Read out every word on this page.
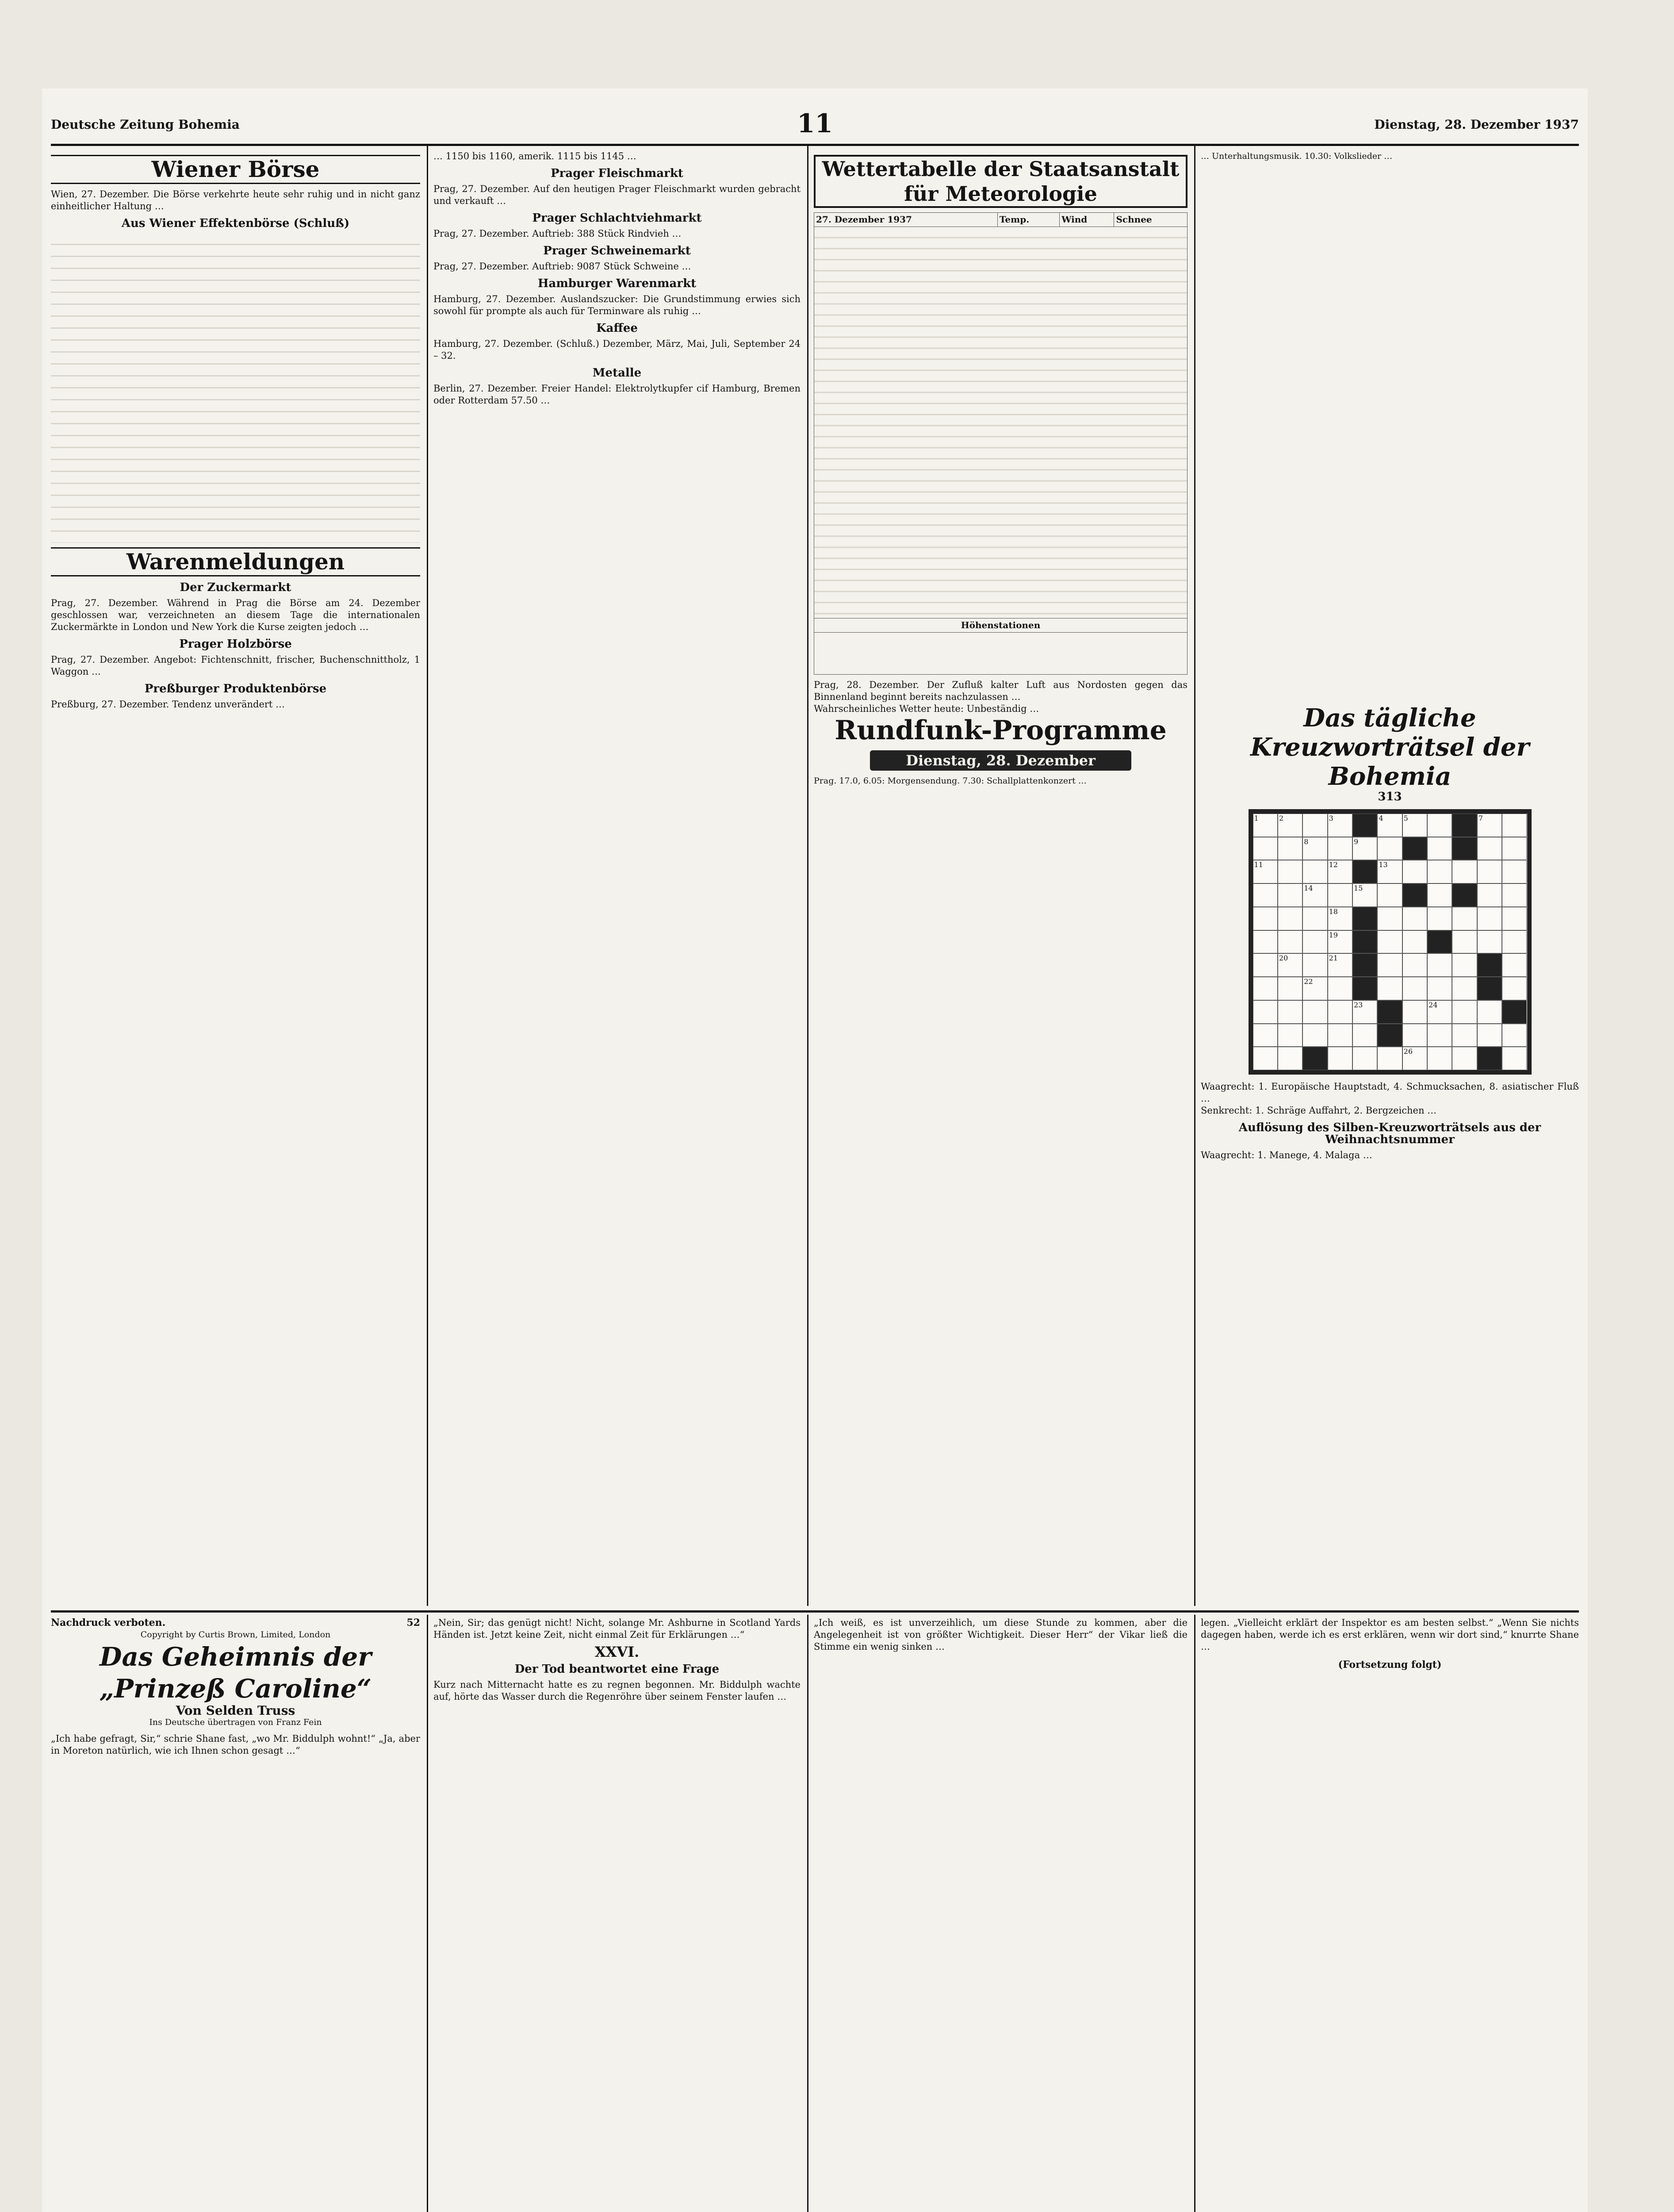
Deutsche Zeitung Bohemia	11	Dienstag, 28. Dezember 1937
Wiener Börse
Wien, 27. Dezember. Die Börse verkehrte heute sehr ruhig und in nicht ganz einheitlicher Haltung …
Aus Wiener Effektenbörse (Schluß)
Warenmeldungen
Der Zuckermarkt
Prag, 27. Dezember. Während in Prag die Börse am 24. Dezember geschlossen war, verzeichneten an diesem Tage die internationalen Zuckermärkte in London und New York die Kurse zeigten jedoch …
Prager Holzbörse
Prag, 27. Dezember. Angebot: Fichtenschnitt, frischer, Buchenschnittholz, 1 Waggon …
Preßburger Produktenbörse
Preßburg, 27. Dezember. Tendenz unverändert …
… 1150 bis 1160, amerik. 1115 bis 1145 …
Prager Fleischmarkt
Prag, 27. Dezember. Auf den heutigen Prager Fleischmarkt wurden gebracht und verkauft …
Prager Schlachtviehmarkt
Prag, 27. Dezember. Auftrieb: 388 Stück Rindvieh …
Prager Schweinemarkt
Prag, 27. Dezember. Auftrieb: 9087 Stück Schweine …
Hamburger Warenmarkt
Hamburg, 27. Dezember. Auslandszucker: Die Grundstimmung erwies sich sowohl für prompte als auch für Terminware als ruhig …
Kaffee
Hamburg, 27. Dezember. (Schluß.) Dezember, März, Mai, Juli, September 24 – 32.
Metalle
Berlin, 27. Dezember. Freier Handel: Elektrolytkupfer cif Hamburg, Bremen oder Rotterdam 57.50 …
Wettertabelle der Staatsanstalt für Meteorologie
27. Dezember 1937	Temp.	Wind	Schnee

Höhenstationen

Prag, 28. Dezember. Der Zufluß kalter Luft aus Nordosten gegen das Binnenland beginnt bereits nachzulassen …
Wahrscheinliches Wetter heute: Unbeständig …
Rundfunk-Programme
Dienstag, 28. Dezember
Prag. 17.0, 6.05: Morgensendung. 7.30: Schallplattenkonzert …
… Unterhaltungsmusik. 10.30: Volkslieder …
Das tägliche Kreuzworträtsel der Bohemia
313
1	2	3	4	5	7
8	9
11	12	13
14	15
18
19
20	21
22
23	24
26
Waagrecht: 1. Europäische Hauptstadt, 4. Schmucksachen, 8. asiatischer Fluß …
Senkrecht: 1. Schräge Auffahrt, 2. Bergzeichen …
Auflösung des Silben-Kreuzworträtsels aus der Weihnachtsnummer
Waagrecht: 1. Manege, 4. Malaga …
Nachdruck verboten.	52
Copyright by Curtis Brown, Limited, London
Das Geheimnis der „Prinzeß Caroline“
Von Selden Truss
Ins Deutsche übertragen von Franz Fein
„Ich habe gefragt, Sir,“ schrie Shane fast, „wo Mr. Biddulph wohnt!“ „Ja, aber in Moreton natürlich, wie ich Ihnen schon gesagt …“
„Nein, Sir; das genügt nicht! Nicht, solange Mr. Ashburne in Scotland Yards Händen ist. Jetzt keine Zeit, nicht einmal Zeit für Erklärungen …“
XXVI.
Der Tod beantwortet eine Frage
Kurz nach Mitternacht hatte es zu regnen begonnen. Mr. Biddulph wachte auf, hörte das Wasser durch die Regenröhre über seinem Fenster laufen …
„Ich weiß, es ist unverzeihlich, um diese Stunde zu kommen, aber die Angelegenheit ist von größter Wichtigkeit. Dieser Herr“ der Vikar ließ die Stimme ein wenig sinken …
legen. „Vielleicht erklärt der Inspektor es am besten selbst.“ „Wenn Sie nichts dagegen haben, werde ich es erst erklären, wenn wir dort sind,“ knurrte Shane …
(Fortsetzung folgt)
